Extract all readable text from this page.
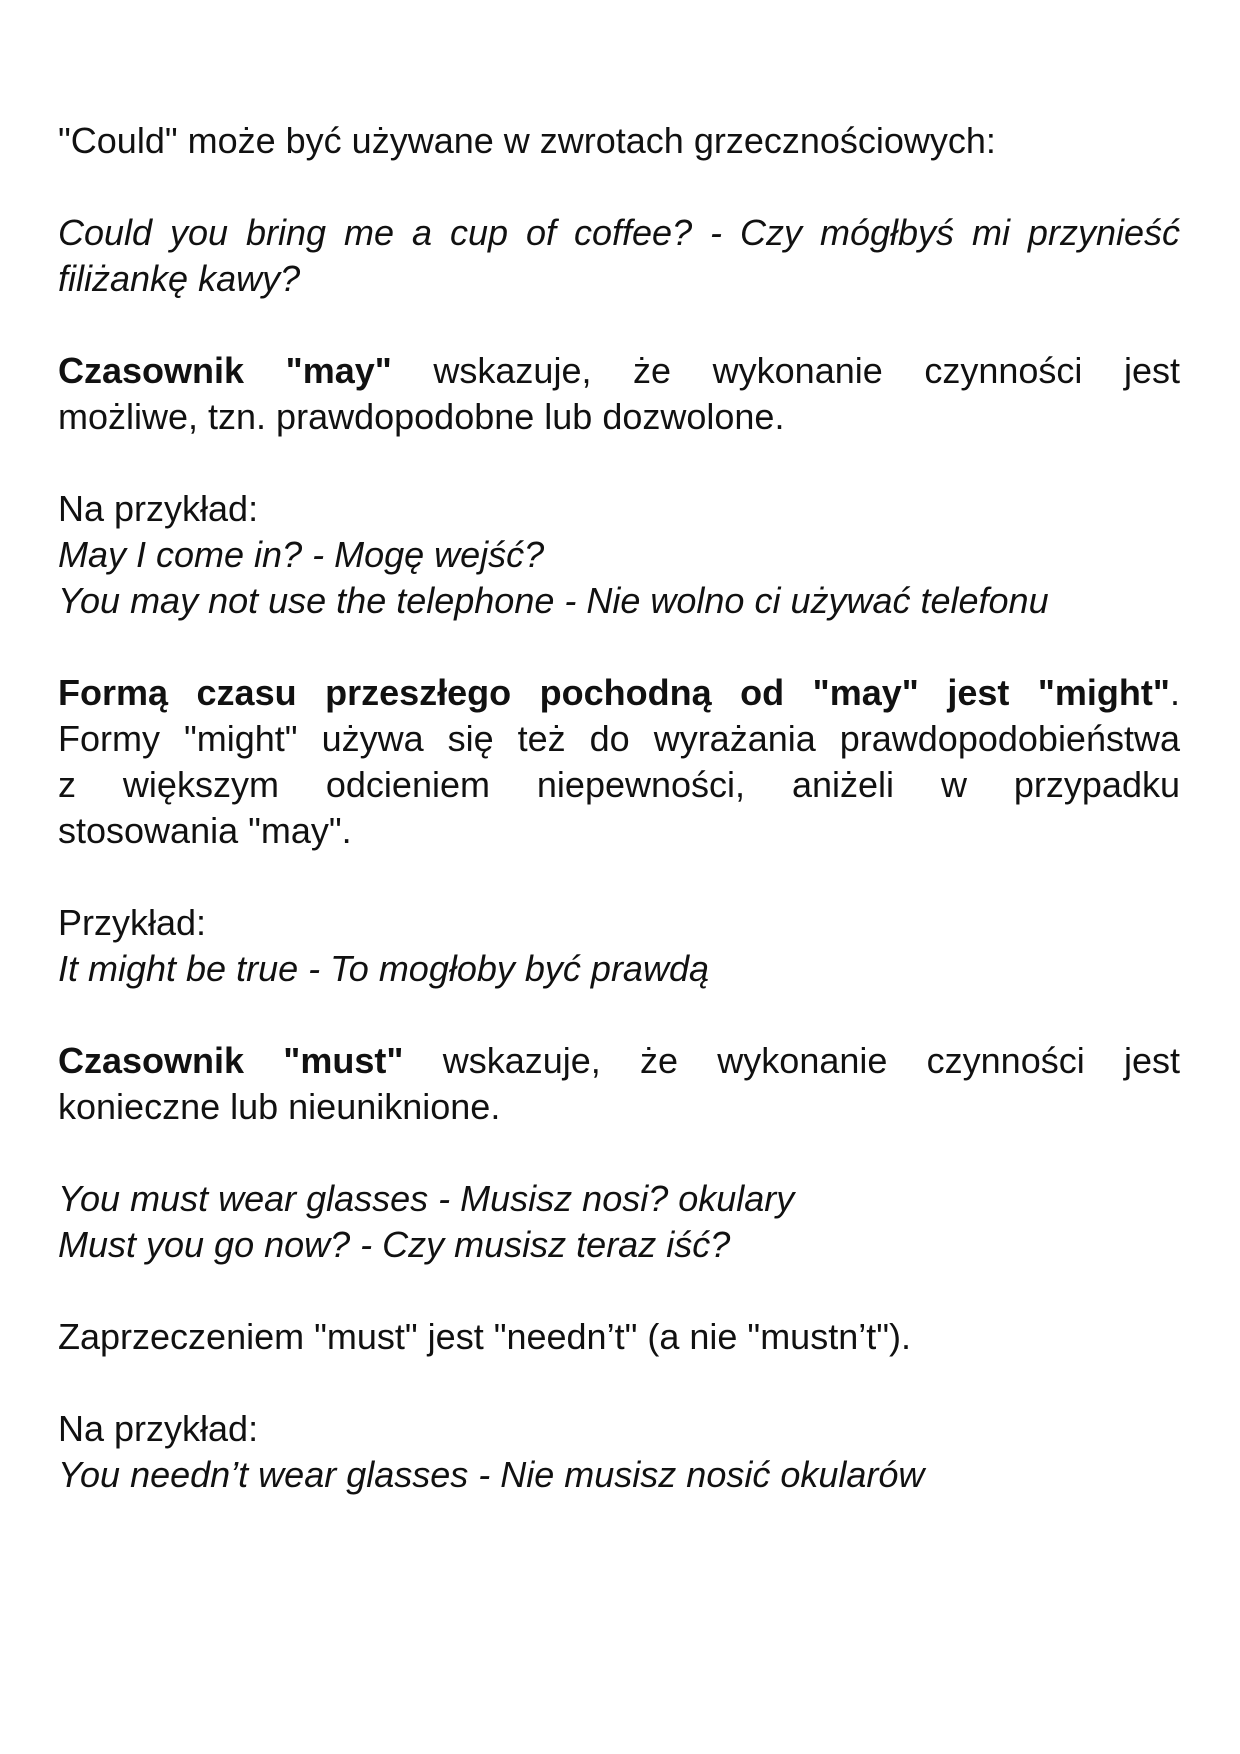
"Could" może być używane w zwrotach grzecznościowych:

Could you bring me a cup of coffee? - Czy mógłbyś mi przynieść
filiżankę kawy?

Czasownik "may" wskazuje, że wykonanie czynności jest
możliwe, tzn. prawdopodobne lub dozwolone.

Na przykład:
May I come in? - Mogę wejść?
You may not use the telephone - Nie wolno ci używać telefonu

Formą czasu przeszłego pochodną od "may" jest "might".
Formy "might" używa się też do wyrażania prawdopodobieństwa
z większym odcieniem niepewności, aniżeli w przypadku
stosowania "may".

Przykład:
It might be true - To mogłoby być prawdą

Czasownik "must" wskazuje, że wykonanie czynności jest
konieczne lub nieuniknione.

You must wear glasses - Musisz nosi? okulary
Must you go now? - Czy musisz teraz iść?

Zaprzeczeniem "must" jest "needn’t" (a nie "mustn’t").

Na przykład:
You needn’t wear glasses - Nie musisz nosić okularów
